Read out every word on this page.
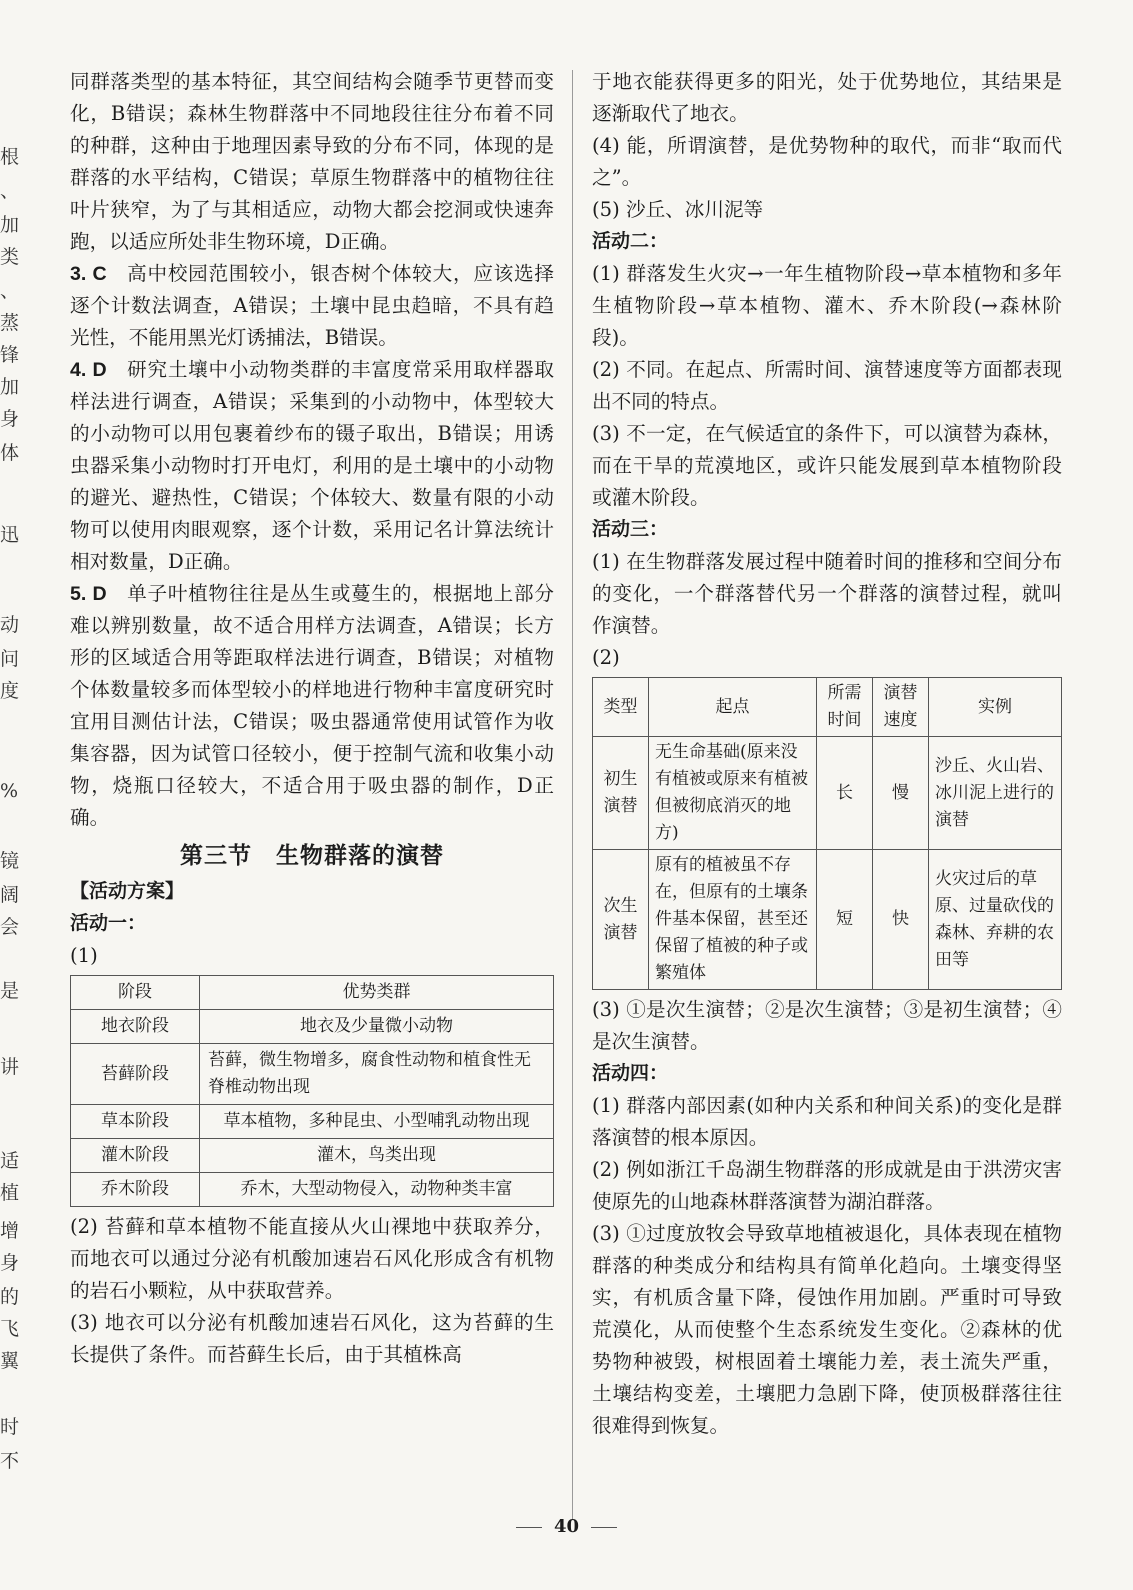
根
、
加
类
、
蒸
锋
加
身
体
迅
动
问
度
%
镜
阔
会
是
讲
适
植
增
身
的
飞
翼
时
不

同群落类型的基本特征，其空间结构会随季节更替而变化，B错误；森林生物群落中不同地段往往分布着不同的种群，这种由于地理因素导致的分布不同，体现的是群落的水平结构，C错误；草原生物群落中的植物往往叶片狭窄，为了与其相适应，动物大都会挖洞或快速奔跑，以适应所处非生物环境，D正确。

3. C  高中校园范围较小，银杏树个体较大，应该选择逐个计数法调查，A错误；土壤中昆虫趋暗，不具有趋光性，不能用黑光灯诱捕法，B错误。

4. D  研究土壤中小动物类群的丰富度常采用取样器取样法进行调查，A错误；采集到的小动物中，体型较大的小动物可以用包裹着纱布的镊子取出，B错误；用诱虫器采集小动物时打开电灯，利用的是土壤中的小动物的避光、避热性，C错误；个体较大、数量有限的小动物可以使用肉眼观察，逐个计数，采用记名计算法统计相对数量，D正确。

5. D  单子叶植物往往是丛生或蔓生的，根据地上部分难以辨别数量，故不适合用样方法调查，A错误；长方形的区域适合用等距取样法进行调查，B错误；对植物个体数量较多而体型较小的样地进行物种丰富度研究时宜用目测估计法，C错误；吸虫器通常使用试管作为收集容器，因为试管口径较小，便于控制气流和收集小动物，烧瓶口径较大，不适合用于吸虫器的制作，D正确。

第三节　生物群落的演替
【活动方案】
活动一：
(1)
阶段	优势类群
地衣阶段	地衣及少量微小动物
苔藓阶段	苔藓，微生物增多，腐食性动物和植食性无脊椎动物出现
草本阶段	草本植物，多种昆虫、小型哺乳动物出现
灌木阶段	灌木，鸟类出现
乔木阶段	乔木，大型动物侵入，动物种类丰富

(2) 苔藓和草本植物不能直接从火山裸地中获取养分，而地衣可以通过分泌有机酸加速岩石风化形成含有机物的岩石小颗粒，从中获取营养。

(3) 地衣可以分泌有机酸加速岩石风化，这为苔藓的生长提供了条件。而苔藓生长后，由于其植株高

于地衣能获得更多的阳光，处于优势地位，其结果是逐渐取代了地衣。

(4) 能，所谓演替，是优势物种的取代，而非“取而代之”。

(5) 沙丘、冰川泥等

活动二：

(1) 群落发生火灾→一年生植物阶段→草本植物和多年生植物阶段→草本植物、灌木、乔木阶段(→森林阶段)。

(2) 不同。在起点、所需时间、演替速度等方面都表现出不同的特点。

(3) 不一定，在气候适宜的条件下，可以演替为森林，而在干旱的荒漠地区，或许只能发展到草本植物阶段或灌木阶段。

活动三：

(1) 在生物群落发展过程中随着时间的推移和空间分布的变化，一个群落替代另一个群落的演替过程，就叫作演替。

(2)
类型	起点	所需时间	演替速度	实例
初生演替	无生命基础(原来没有植被或原来有植被但被彻底消灭的地方)	长	慢	沙丘、火山岩、冰川泥上进行的演替
次生演替	原有的植被虽不存在，但原有的土壤条件基本保留，甚至还保留了植被的种子或繁殖体	短	快	火灾过后的草原、过量砍伐的森林、弃耕的农田等

(3) ①是次生演替；②是次生演替；③是初生演替；④是次生演替。

活动四：

(1) 群落内部因素(如种内关系和种间关系)的变化是群落演替的根本原因。

(2) 例如浙江千岛湖生物群落的形成就是由于洪涝灾害使原先的山地森林群落演替为湖泊群落。

(3) ①过度放牧会导致草地植被退化，具体表现在植物群落的种类成分和结构具有简单化趋向。土壤变得坚实，有机质含量下降，侵蚀作用加剧。严重时可导致荒漠化，从而使整个生态系统发生变化。②森林的优势物种被毁，树根固着土壤能力差，表土流失严重，土壤结构变差，土壤肥力急剧下降，使顶极群落往往很难得到恢复。

40
